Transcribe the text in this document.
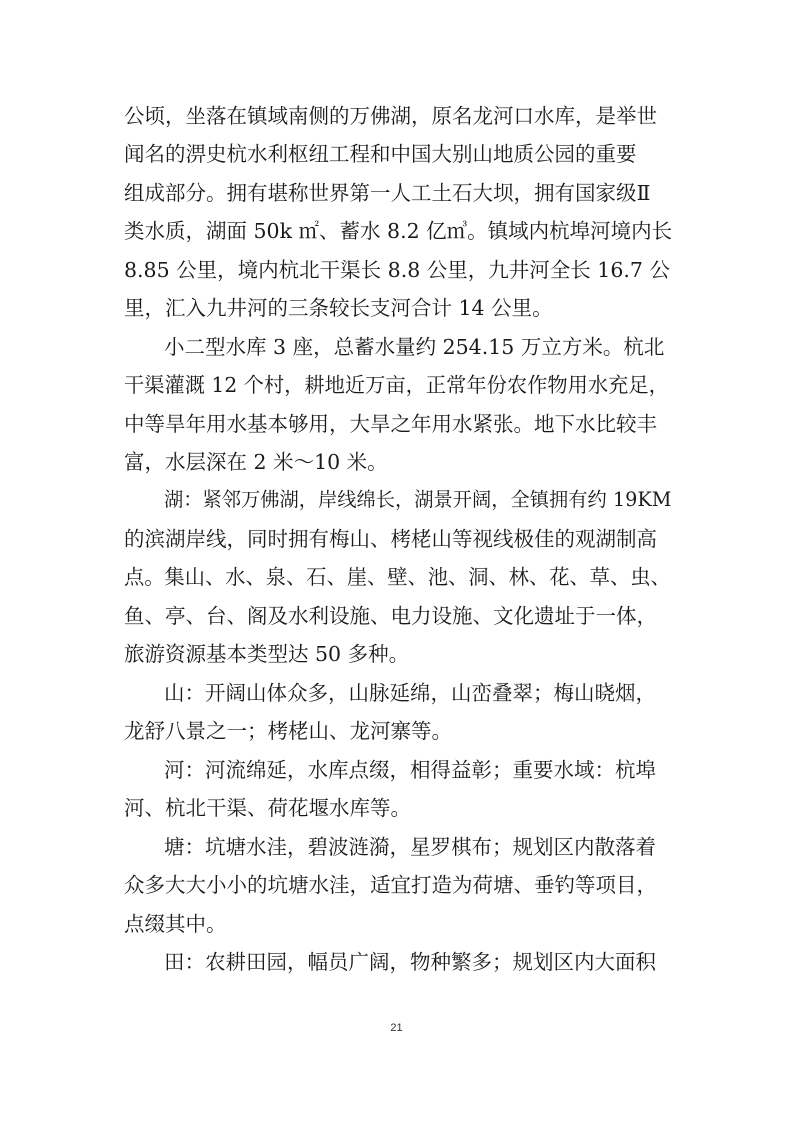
公顷，坐落在镇域南侧的万佛湖，原名龙河口水库，是举世
闻名的淠史杭水利枢纽工程和中国大别山地质公园的重要
组成部分。拥有堪称世界第一人工土石大坝，拥有国家级Ⅱ
类水质，湖面 50k ㎡、蓄水 8.2 亿㎥。镇域内杭埠河境内长
8.85 公里，境内杭北干渠长 8.8 公里，九井河全长 16.7 公
里，汇入九井河的三条较长支河合计 14 公里。
小二型水库 3 座，总蓄水量约 254.15 万立方米。杭北
干渠灌溉 12 个村，耕地近万亩，正常年份农作物用水充足，
中等旱年用水基本够用，大旱之年用水紧张。地下水比较丰
富，水层深在 2 米～10 米。
湖：紧邻万佛湖，岸线绵长，湖景开阔，全镇拥有约 19KM
的滨湖岸线，同时拥有梅山、栲栳山等视线极佳的观湖制高
点。集山、水、泉、石、崖、壁、池、洞、林、花、草、虫、
鱼、亭、台、阁及水利设施、电力设施、文化遗址于一体，
旅游资源基本类型达 50 多种。
山：开阔山体众多，山脉延绵，山峦叠翠；梅山晓烟，
龙舒八景之一；栲栳山、龙河寨等。
河：河流绵延，水库点缀，相得益彰；重要水域：杭埠
河、杭北干渠、荷花堰水库等。
塘：坑塘水洼，碧波涟漪，星罗棋布；规划区内散落着
众多大大小小的坑塘水洼，适宜打造为荷塘、垂钓等项目，
点缀其中。
田：农耕田园，幅员广阔，物种繁多；规划区内大面积
21
